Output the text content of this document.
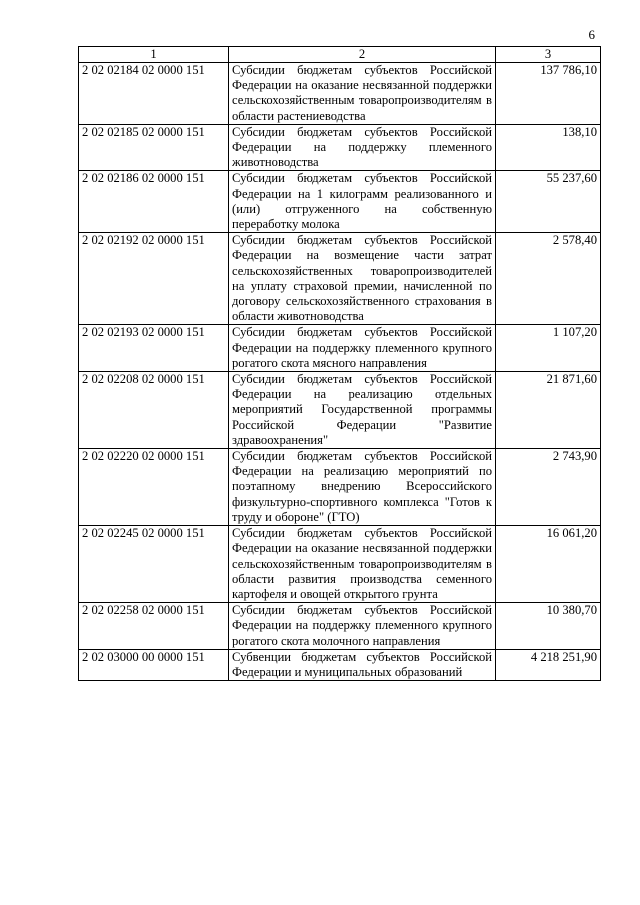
6
1	2	3
2 02 02184 02 0000 151	Субсидии бюджетам субъектов Российской Федерации на оказание несвязанной поддержки сельскохозяйственным товаропроизводителям в области растениеводства	137 786,10
2 02 02185 02 0000 151	Субсидии бюджетам субъектов Российской Федерации на поддержку племенного животноводства	138,10
2 02 02186 02 0000 151	Субсидии бюджетам субъектов Российской Федерации на 1 килограмм реализованного и (или) отгруженного на собственную переработку молока	55 237,60
2 02 02192 02 0000 151	Субсидии бюджетам субъектов Российской Федерации на возмещение части затрат сельскохозяйственных товаропроизводителей на уплату страховой премии, начисленной по договору сельскохозяйственного страхования в области животноводства	2 578,40
2 02 02193 02 0000 151	Субсидии бюджетам субъектов Российской Федерации на поддержку племенного крупного рогатого скота мясного направления	1 107,20
2 02 02208 02 0000 151	Субсидии бюджетам субъектов Российской Федерации на реализацию отдельных мероприятий Государственной программы Российской Федерации "Развитие здравоохранения"	21 871,60
2 02 02220 02 0000 151	Субсидии бюджетам субъектов Российской Федерации на реализацию мероприятий по поэтапному внедрению Всероссийского физкультурно-спортивного комплекса "Готов к труду и обороне" (ГТО)	2 743,90
2 02 02245 02 0000 151	Субсидии бюджетам субъектов Российской Федерации на оказание несвязанной поддержки сельскохозяйственным товаропроизводителям в области развития производства семенного картофеля и овощей открытого грунта	16 061,20
2 02 02258 02 0000 151	Субсидии бюджетам субъектов Российской Федерации на поддержку племенного крупного рогатого скота молочного направления	10 380,70
2 02 03000 00 0000 151	Субвенции бюджетам субъектов Российской Федерации и муниципальных образований	4 218 251,90
